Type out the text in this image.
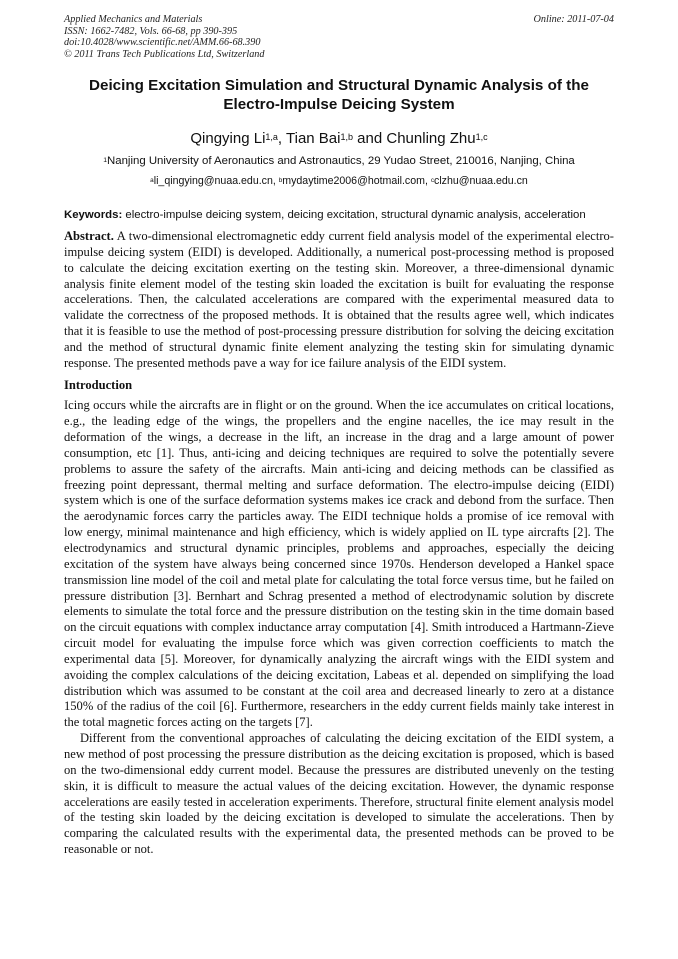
Applied Mechanics and Materials
ISSN: 1662-7482, Vols. 66-68, pp 390-395
doi:10.4028/www.scientific.net/AMM.66-68.390
© 2011 Trans Tech Publications Ltd, Switzerland
Online: 2011-07-04
Deicing Excitation Simulation and Structural Dynamic Analysis of the Electro-Impulse Deicing System
Qingying Li$^{1,a}$, Tian Bai$^{1,b}$ and Chunling Zhu$^{1,c}$
$^1$Nanjing University of Aeronautics and Astronautics, 29 Yudao Street, 210016, Nanjing, China
$^a$li_qingying@nuaa.edu.cn, $^b$mydaytime2006@hotmail.com, $^c$clzhu@nuaa.edu.cn
Keywords: electro-impulse deicing system, deicing excitation, structural dynamic analysis, acceleration
Abstract. A two-dimensional electromagnetic eddy current field analysis model of the experimental electro-impulse deicing system (EIDI) is developed. Additionally, a numerical post-processing method is proposed to calculate the deicing excitation exerting on the testing skin. Moreover, a three-dimensional dynamic analysis finite element model of the testing skin loaded the excitation is built for evaluating the response accelerations. Then, the calculated accelerations are compared with the experimental measured data to validate the correctness of the proposed methods. It is obtained that the results agree well, which indicates that it is feasible to use the method of post-processing pressure distribution for solving the deicing excitation and the method of structural dynamic finite element analyzing the testing skin for simulating dynamic response. The presented methods pave a way for ice failure analysis of the EIDI system.
Introduction
Icing occurs while the aircrafts are in flight or on the ground. When the ice accumulates on critical locations, e.g., the leading edge of the wings, the propellers and the engine nacelles, the ice may result in the deformation of the wings, a decrease in the lift, an increase in the drag and a large amount of power consumption, etc [1]. Thus, anti-icing and deicing techniques are required to solve the potentially severe problems to assure the safety of the aircrafts. Main anti-icing and deicing methods can be classified as freezing point depressant, thermal melting and surface deformation. The electro-impulse deicing (EIDI) system which is one of the surface deformation systems makes ice crack and debond from the surface. Then the aerodynamic forces carry the particles away. The EIDI technique holds a promise of ice removal with low energy, minimal maintenance and high efficiency, which is widely applied on IL type aircrafts [2]. The electrodynamics and structural dynamic principles, problems and approaches, especially the deicing excitation of the system have always being concerned since 1970s. Henderson developed a Hankel space transmission line model of the coil and metal plate for calculating the total force versus time, but he failed on pressure distribution [3]. Bernhart and Schrag presented a method of electrodynamic solution by discrete elements to simulate the total force and the pressure distribution on the testing skin in the time domain based on the circuit equations with complex inductance array computation [4]. Smith introduced a Hartmann-Zieve circuit model for evaluating the impulse force which was given correction coefficients to match the experimental data [5]. Moreover, for dynamically analyzing the aircraft wings with the EIDI system and avoiding the complex calculations of the deicing excitation, Labeas et al. depended on simplifying the load distribution which was assumed to be constant at the coil area and decreased linearly to zero at a distance 150% of the radius of the coil [6]. Furthermore, researchers in the eddy current fields mainly take interest in the total magnetic forces acting on the targets [7].
Different from the conventional approaches of calculating the deicing excitation of the EIDI system, a new method of post processing the pressure distribution as the deicing excitation is proposed, which is based on the two-dimensional eddy current model. Because the pressures are distributed unevenly on the testing skin, it is difficult to measure the actual values of the deicing excitation. However, the dynamic response accelerations are easily tested in acceleration experiments. Therefore, structural finite element analysis model of the testing skin loaded by the deicing excitation is developed to simulate the accelerations. Then by comparing the calculated results with the experimental data, the presented methods can be proved to be reasonable or not.
